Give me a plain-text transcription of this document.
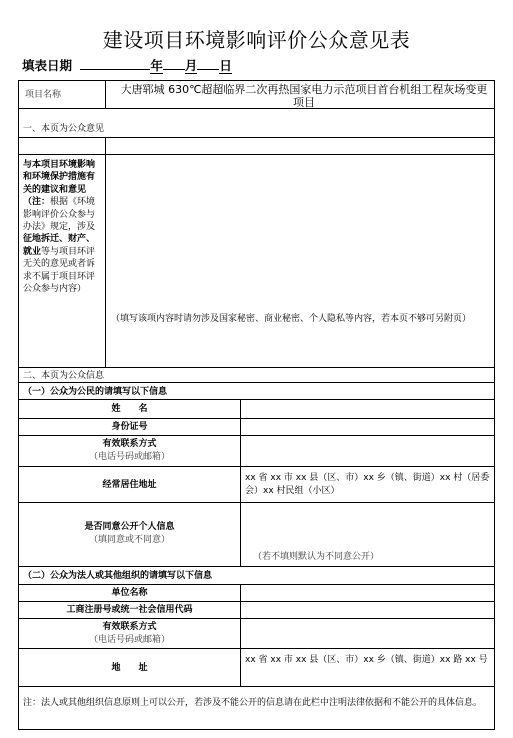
建设项目环境影响评价公众意见表
填表日期	年 月 日
项目名称	大唐郓城 630℃超超临界二次再热国家电力示范项目首台机组工程灰场变更项目
一、本页为公众意见
与本项目环境影响和环境保护措施有关的建议和意见（注：根据《环境影响评价公众参与办法》规定，涉及征地拆迁、财产、就业等与项目环评无关的意见或者诉求不属于项目环评公众参与内容）
（填写该项内容时请勿涉及国家秘密、商业秘密、个人隐私等内容，若本页不够可另附页）
二、本页为公众信息
（一）公众为公民的请填写以下信息
姓　　名
身份证号
有效联系方式
（电话号码或邮箱）
经常居住地址
xx 省 xx 市 xx 县（区、市）xx 乡（镇、街道）xx 村（居委会）xx 村民组（小区）
是否同意公开个人信息
（填同意或不同意）
（若不填则默认为不同意公开）
（二）公众为法人或其他组织的请填写以下信息
单位名称
工商注册号或统一社会信用代码
有效联系方式
（电话号码或邮箱）
地　　址
xx 省 xx 市 xx 县（区、市）xx 乡（镇、街道）xx 路 xx 号
注：法人或其他组织信息原则上可以公开，若涉及不能公开的信息请在此栏中注明法律依据和不能公开的具体信息。
